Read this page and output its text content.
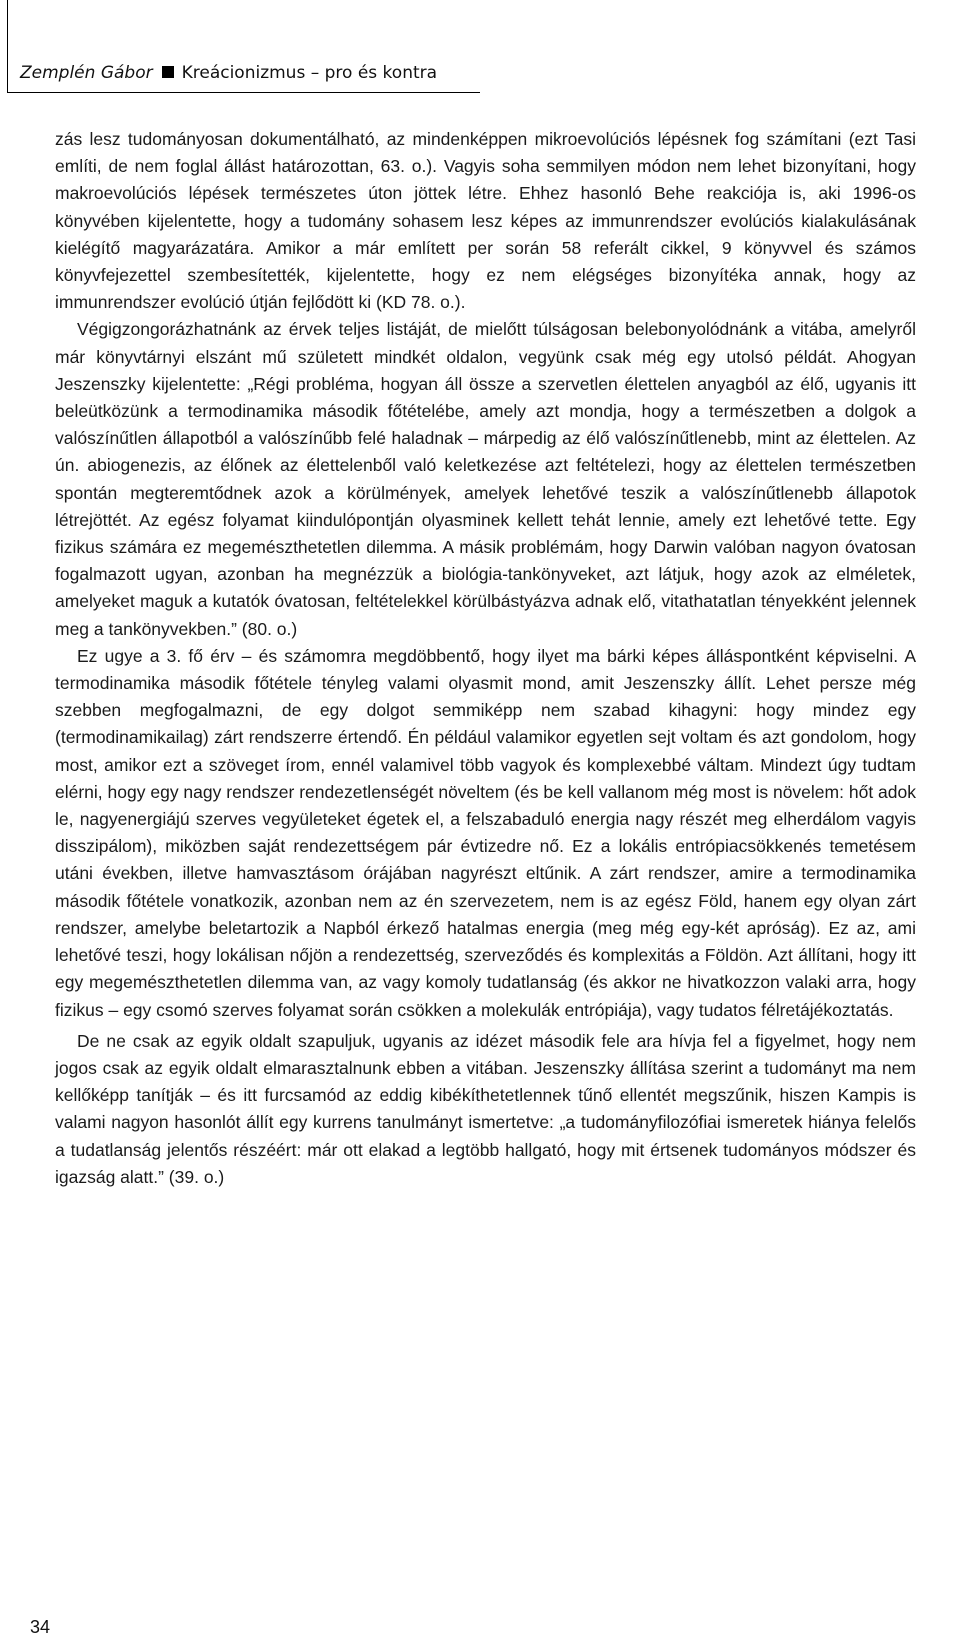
Zemplén Gábor Kreácionizmus – pro és kontra

zás lesz tudományosan dokumentálható, az mindenképpen mikroevolúciós lépésnek fog számítani (ezt Tasi említi, de nem foglal állást határozottan, 63. o.). Vagyis soha semmilyen módon nem lehet bizonyítani, hogy makroevolúciós lépések természetes úton jöttek létre. Ehhez hasonló Behe reakciója is, aki 1996-os könyvében kijelentette, hogy a tudomány sohasem lesz képes az immunrendszer evolúciós kialakulásának kielégítő magyarázatára. Amikor a már említett per során 58 referált cikkel, 9 könyvvel és számos könyvfejezettel szembesítették, kijelentette, hogy ez nem elégséges bizonyítéka annak, hogy az immunrendszer evolúció útján fejlődött ki (KD 78. o.).

Végigzongorázhatnánk az érvek teljes listáját, de mielőtt túlságosan belebonyolódnánk a vitába, amelyről már könyvtárnyi elszánt mű született mindkét oldalon, vegyünk csak még egy utolsó példát. Ahogyan Jeszenszky kijelentette: „Régi probléma, hogyan áll össze a szervetlen élettelen anyagból az élő, ugyanis itt beleütközünk a termodinamika második főtételébe, amely azt mondja, hogy a természetben a dolgok a valószínűtlen állapotból a valószínűbb felé haladnak – márpedig az élő valószínűtlenebb, mint az élettelen. Az ún. abiogenezis, az élőnek az élettelenből való keletkezése azt feltételezi, hogy az élettelen természetben spontán megteremtődnek azok a körülmények, amelyek lehetővé teszik a valószínűtlenebb állapotok létrejöttét. Az egész folyamat kiindulópontján olyasminek kellett tehát lennie, amely ezt lehetővé tette. Egy fizikus számára ez megemészthetetlen dilemma. A másik problémám, hogy Darwin valóban nagyon óvatosan fogalmazott ugyan, azonban ha megnézzük a biológia-tankönyveket, azt látjuk, hogy azok az elméletek, amelyeket maguk a kutatók óvatosan, feltételekkel körülbástyázva adnak elő, vitathatatlan tényekként jelennek meg a tankönyvekben.” (80. o.)

Ez ugye a 3. fő érv – és számomra megdöbbentő, hogy ilyet ma bárki képes álláspontként képviselni. A termodinamika második főtétele tényleg valami olyasmit mond, amit Jeszenszky állít. Lehet persze még szebben megfogalmazni, de egy dolgot semmiképp nem szabad kihagyni: hogy mindez egy (termodinamikailag) zárt rendszerre értendő. Én például valamikor egyetlen sejt voltam és azt gondolom, hogy most, amikor ezt a szöveget írom, ennél valamivel több vagyok és komplexebbé váltam. Mindezt úgy tudtam elérni, hogy egy nagy rendszer rendezetlenségét növeltem (és be kell vallanom még most is növelem: hőt adok le, nagyenergiájú szerves vegyületeket égetek el, a felszabaduló energia nagy részét meg elherdálom vagyis disszipálom), miközben saját rendezettségem pár évtizedre nő. Ez a lokális entrópiacsökkenés temetésem utáni években, illetve hamvasztásom órájában nagyrészt eltűnik. A zárt rendszer, amire a termodinamika második főtétele vonatkozik, azonban nem az én szervezetem, nem is az egész Föld, hanem egy olyan zárt rendszer, amelybe beletartozik a Napból érkező hatalmas energia (meg még egy-két apróság). Ez az, ami lehetővé teszi, hogy lokálisan nőjön a rendezettség, szerveződés és komplexitás a Földön. Azt állítani, hogy itt egy megemészthetetlen dilemma van, az vagy komoly tudatlanság (és akkor ne hivatkozzon valaki arra, hogy fizikus – egy csomó szerves folyamat során csökken a molekulák entrópiája), vagy tudatos félretájékoztatás.

De ne csak az egyik oldalt szapuljuk, ugyanis az idézet második fele ara hívja fel a figyelmet, hogy nem jogos csak az egyik oldalt elmarasztalnunk ebben a vitában. Jeszenszky állítása szerint a tudományt ma nem kellőképp tanítják – és itt furcsamód az eddig kibékíthetetlennek tűnő ellentét megszűnik, hiszen Kampis is valami nagyon hasonlót állít egy kurrens tanulmányt ismertetve: „a tudományfilozófiai ismeretek hiánya felelős a tudatlanság jelentős részéért: már ott elakad a legtöbb hallgató, hogy mit értsenek tudományos módszer és igazság alatt.” (39. o.)

34
